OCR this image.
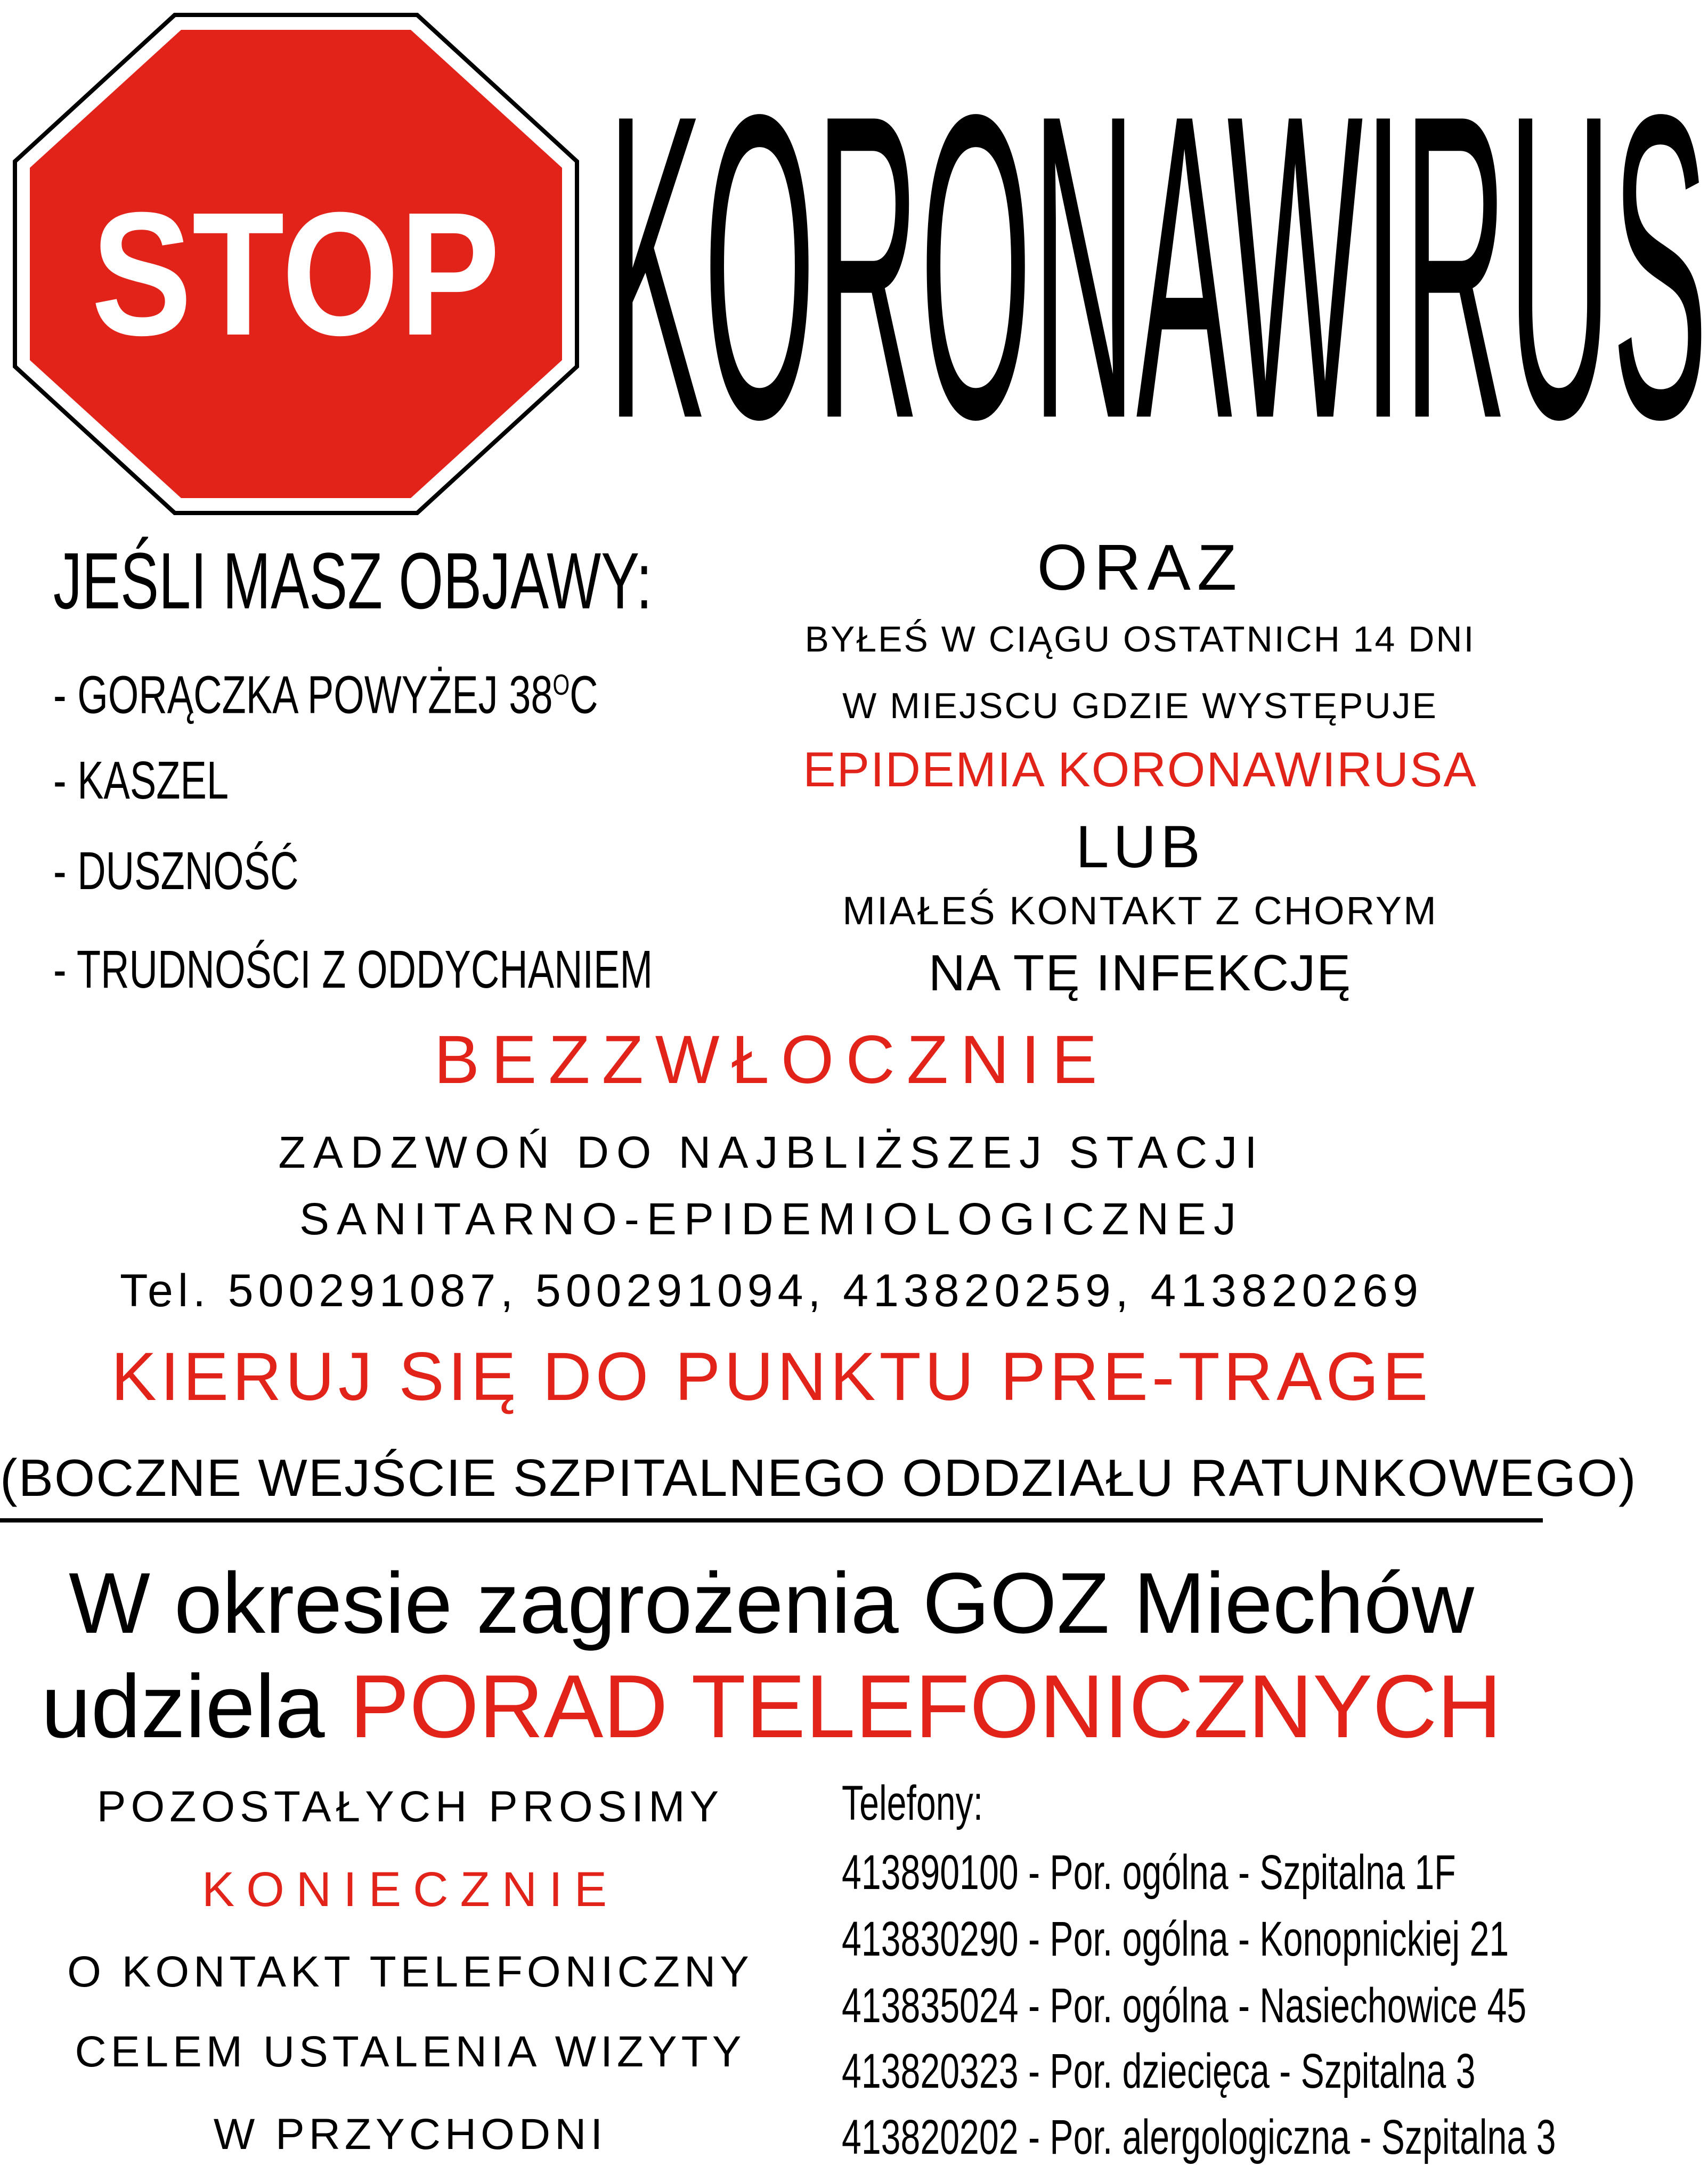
STOP KORONAWIRUS
JEŚLI MASZ OBJAWY:
- GORĄCZKA POWYŻEJ $38^OC$
- KASZEL
- DUSZNOŚĆ
- TRUDNOŚCI Z ODDYCHANIEM
ORAZ
BYŁEŚ W CIĄGU OSTATNICH 14 DNI
W MIEJSCU GDZIE WYSTĘPUJE
EPIDEMIA KORONAWIRUSA
LUB
MIAŁEŚ KONTAKT Z CHORYM
NA TĘ INFEKCJĘ
BEZZWŁOCZNIE
ZADZWOŃ DO NAJBLIŻSZEJ STACJI
SANITARNO-EPIDEMIOLOGICZNEJ
Tel. 500291087, 500291094, 413820259, 413820269
KIERUJ SIĘ DO PUNKTU PRE-TRAGE
(BOCZNE WEJŚCIE SZPITALNEGO ODDZIAŁU RATUNKOWEGO)
W okresie zagrożenia GOZ Miechów
udziela PORAD TELEFONICZNYCH
POZOSTAŁYCH PROSIMY
KONIECZNIE
O KONTAKT TELEFONICZNY
CELEM USTALENIA WIZYTY
W PRZYCHODNI
Telefony:
413890100 - Por. ogólna - Szpitalna 1F
413830290 - Por. ogólna - Konopnickiej 21
413835024 - Por. ogólna - Nasiechowice 45
413820323 - Por. dziecięca - Szpitalna 3
413820202 - Por. alergologiczna - Szpitalna 3
